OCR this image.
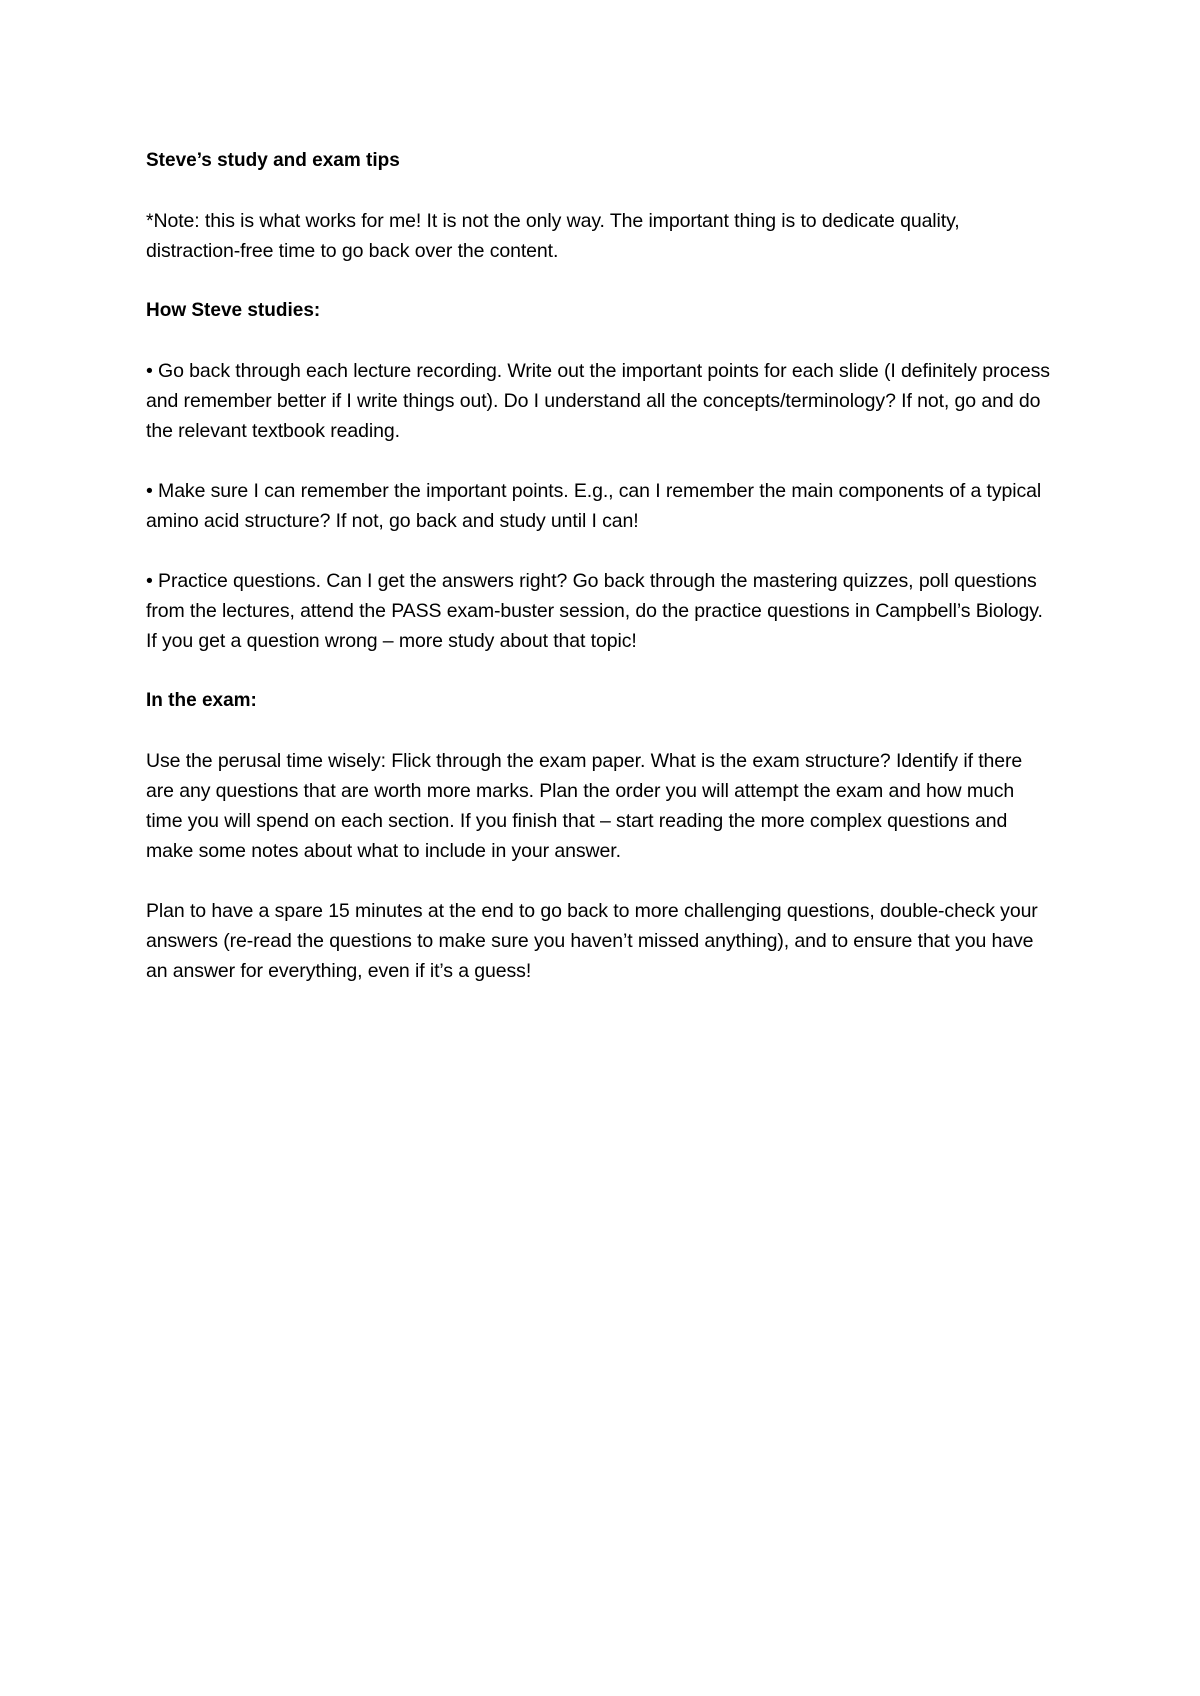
Steve’s study and exam tips

*Note: this is what works for me! It is not the only way. The important thing is to dedicate quality, distraction-free time to go back over the content.

How Steve studies:

• Go back through each lecture recording. Write out the important points for each slide (I definitely process and remember better if I write things out). Do I understand all the concepts/terminology? If not, go and do the relevant textbook reading.

• Make sure I can remember the important points. E.g., can I remember the main components of a typical amino acid structure? If not, go back and study until I can!

• Practice questions. Can I get the answers right? Go back through the mastering quizzes, poll questions from the lectures, attend the PASS exam-buster session, do the practice questions in Campbell’s Biology. If you get a question wrong – more study about that topic!

In the exam:

Use the perusal time wisely: Flick through the exam paper. What is the exam structure? Identify if there are any questions that are worth more marks. Plan the order you will attempt the exam and how much time you will spend on each section. If you finish that – start reading the more complex questions and make some notes about what to include in your answer.

Plan to have a spare 15 minutes at the end to go back to more challenging questions, double-check your answers (re-read the questions to make sure you haven’t missed anything), and to ensure that you have an answer for everything, even if it’s a guess!
